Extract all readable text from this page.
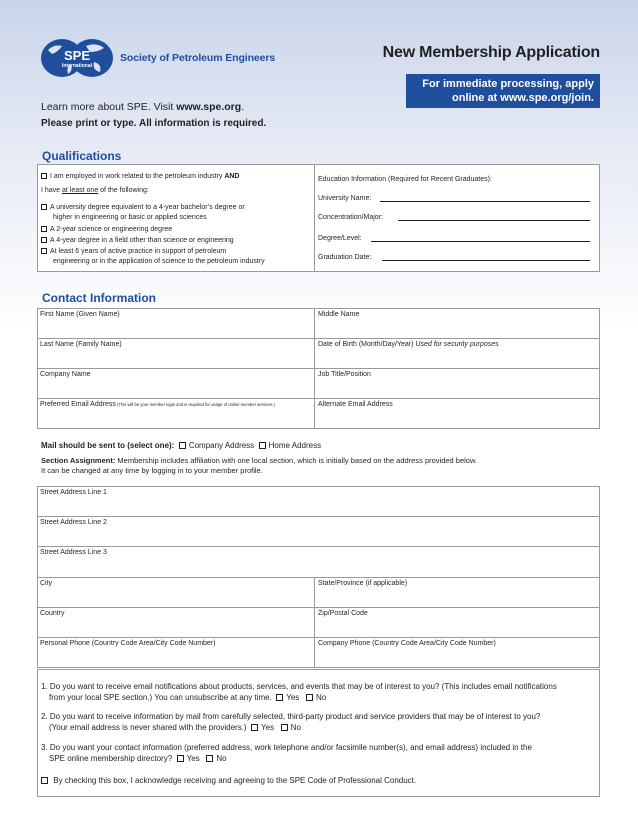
SPE
International
Society of Petroleum Engineers	New Membership Application
For immediate processing, apply
online at www.spe.org/join.
Learn more about SPE. Visit www.spe.org.
Please print or type. All information is required.
Qualifications
I am employed in work related to the petroleum industry AND
I have at least one of the following:
A university degree equivalent to a 4-year bachelor’s degree or
higher in engineering or basic or applied sciences
A 2-year science or engineering degree
A 4-year degree in a field other than science or engineering
At least 6 years of active practice in support of petroleum
engineering or in the application of science to the petroleum industry
Education Information (Required for Recent Graduates):
University Name:
Concentration/Major:
Degree/Level:
Graduation Date:
Contact Information
First Name (Given Name)	Middle Name
Last Name (Family Name)	Date of Birth (Month/Day/Year) Used for security purposes
Company Name	Job Title/Position
Preferred Email Address (This will be your member login and is required for usage of online member services.)	Alternate Email Address
Mail should be sent to (select one): Company Address Home Address
Section Assignment: Membership includes affiliation with one local section, which is initially based on the address provided below.
It can be changed at any time by logging in to your member profile.
Street Address Line 1
Street Address Line 2
Street Address Line 3
City	State/Province (if applicable)
Country	Zip/Postal Code
Personal Phone (Country Code Area/City Code Number)	Company Phone (Country Code Area/City Code Number)
1. Do you want to receive email notifications about products, services, and events that may be of interest to you? (This includes email notifications
from your local SPE section.) You can unsubscribe at any time. Yes No
2. Do you want to receive information by mail from carefully selected, third-party product and service providers that may be of interest to you?
(Your email address is never shared with the providers.) Yes No
3. Do you want your contact information (preferred address, work telephone and/or facsimile number(s), and email address) included in the
SPE online membership directory? Yes No
By checking this box, I acknowledge receiving and agreeing to the SPE Code of Professional Conduct.
